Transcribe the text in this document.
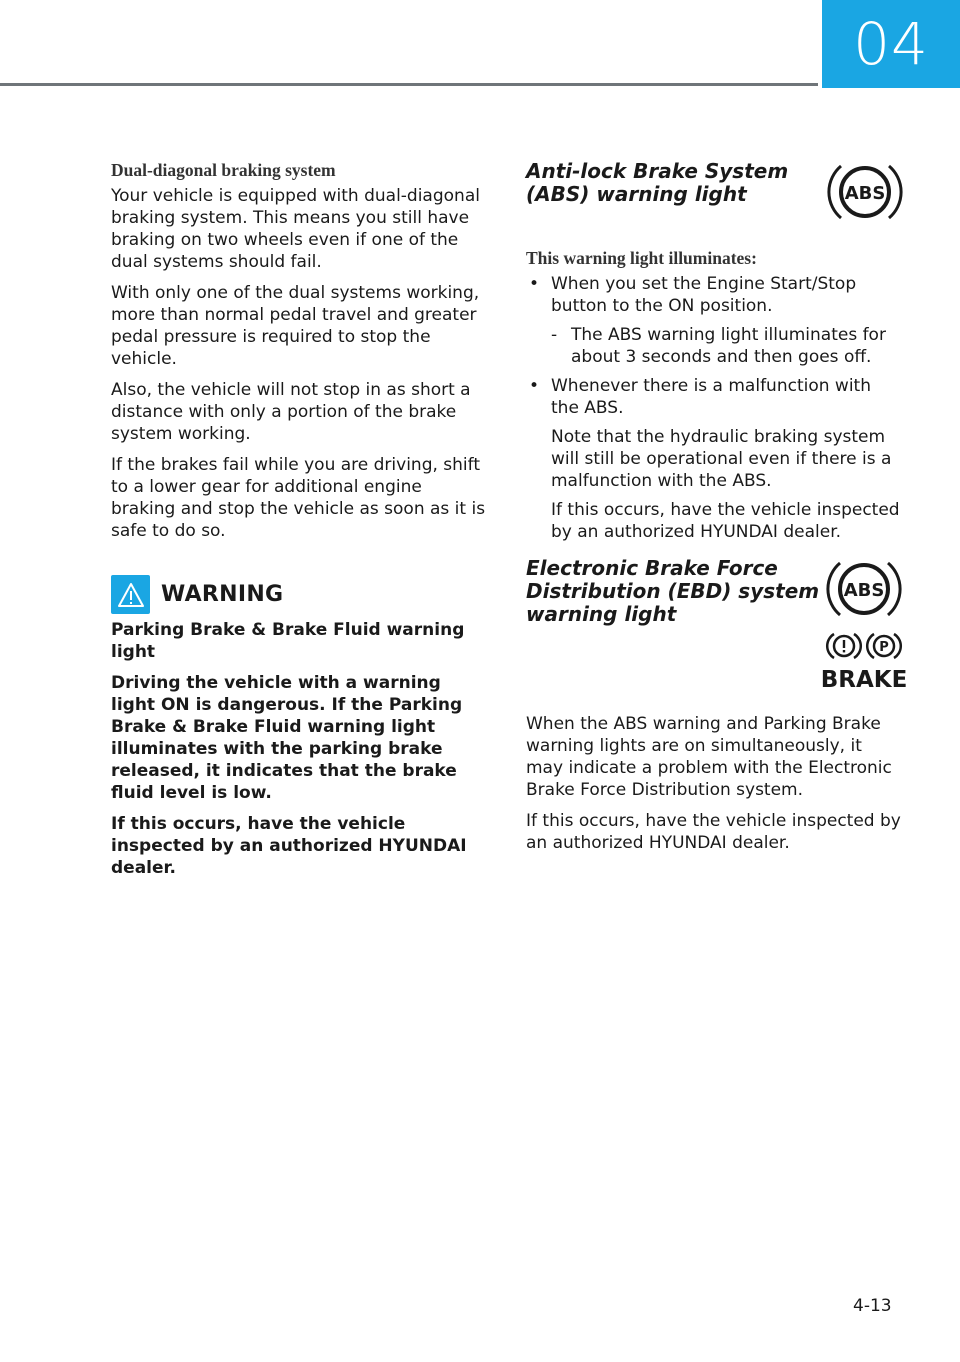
04
Dual-diagonal braking system

Your vehicle is equipped with dual-diagonal braking system. This means you still have braking on two wheels even if one of the dual systems should fail.

With only one of the dual systems working, more than normal pedal travel and greater pedal pressure is required to stop the vehicle.

Also, the vehicle will not stop in as short a distance with only a portion of the brake system working.

If the brakes fail while you are driving, shift to a lower gear for additional engine braking and stop the vehicle as soon as it is safe to do so.

WARNING

Parking Brake & Brake Fluid warning light

Driving the vehicle with a warning light ON is dangerous. If the Parking Brake & Brake Fluid warning light illuminates with the parking brake released, it indicates that the brake fluid level is low.

If this occurs, have the vehicle inspected by an authorized HYUNDAI dealer.

Anti-lock Brake System (ABS) warning light	ABS
This warning light illuminates:
• When you set the Engine Start/Stop button to the ON position.

- The ABS warning light illuminates for about 3 seconds and then goes off.

• Whenever there is a malfunction with the ABS.

Note that the hydraulic braking system will still be operational even if there is a malfunction with the ABS.

If this occurs, have the vehicle inspected by an authorized HYUNDAI dealer.

Electronic Brake Force Distribution (EBD) system warning light
ABS
P
BRAKE

When the ABS warning and Parking Brake warning lights are on simultaneously, it may indicate a problem with the Electronic Brake Force Distribution system.

If this occurs, have the vehicle inspected by an authorized HYUNDAI dealer.

4-13
